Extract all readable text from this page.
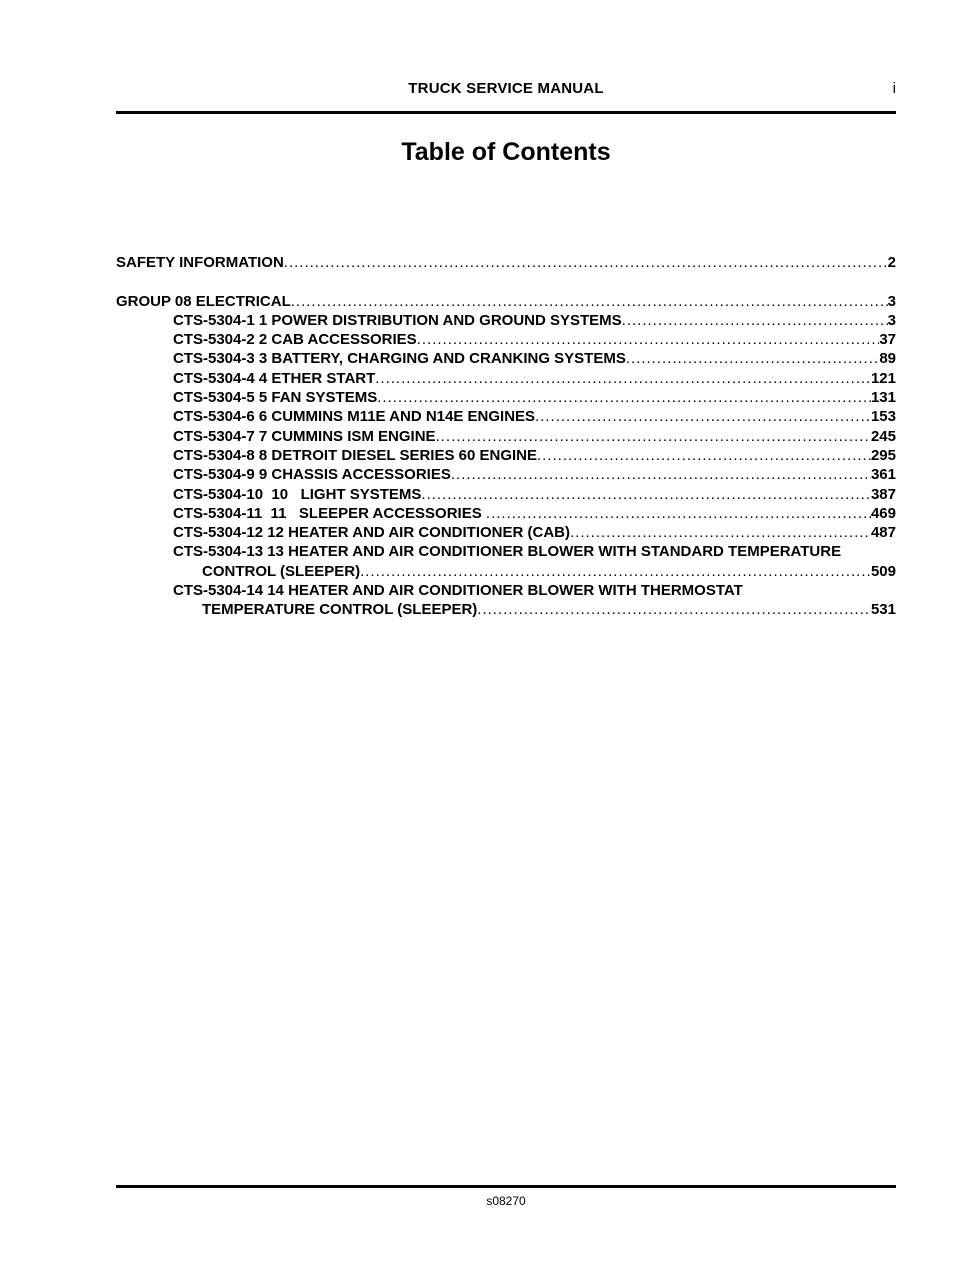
TRUCK SERVICE MANUAL	i
Table of Contents
SAFETY INFORMATION .....	2
GROUP 08 ELECTRICAL .....	3
CTS-5304-1 1 POWER DISTRIBUTION AND GROUND SYSTEMS .....	3
CTS-5304-2 2 CAB ACCESSORIES .....	37
CTS-5304-3 3 BATTERY, CHARGING AND CRANKING SYSTEMS .....	89
CTS-5304-4 4 ETHER START .....	121
CTS-5304-5 5 FAN SYSTEMS .....	131
CTS-5304-6 6 CUMMINS M11E AND N14E ENGINES .....	153
CTS-5304-7 7 CUMMINS ISM ENGINE .....	245
CTS-5304-8 8 DETROIT DIESEL SERIES 60 ENGINE .....	295
CTS-5304-9 9 CHASSIS ACCESSORIES .....	361
CTS-5304-10  10   LIGHT SYSTEMS .....	387
CTS-5304-11  11   SLEEPER ACCESSORIES .....	469
CTS-5304-12 12 HEATER AND AIR CONDITIONER (CAB) .....	487
CTS-5304-13 13 HEATER AND AIR CONDITIONER BLOWER WITH STANDARD TEMPERATURE
CONTROL (SLEEPER) .....	509
CTS-5304-14 14 HEATER AND AIR CONDITIONER BLOWER WITH THERMOSTAT
TEMPERATURE CONTROL (SLEEPER) .....	531
s08270
